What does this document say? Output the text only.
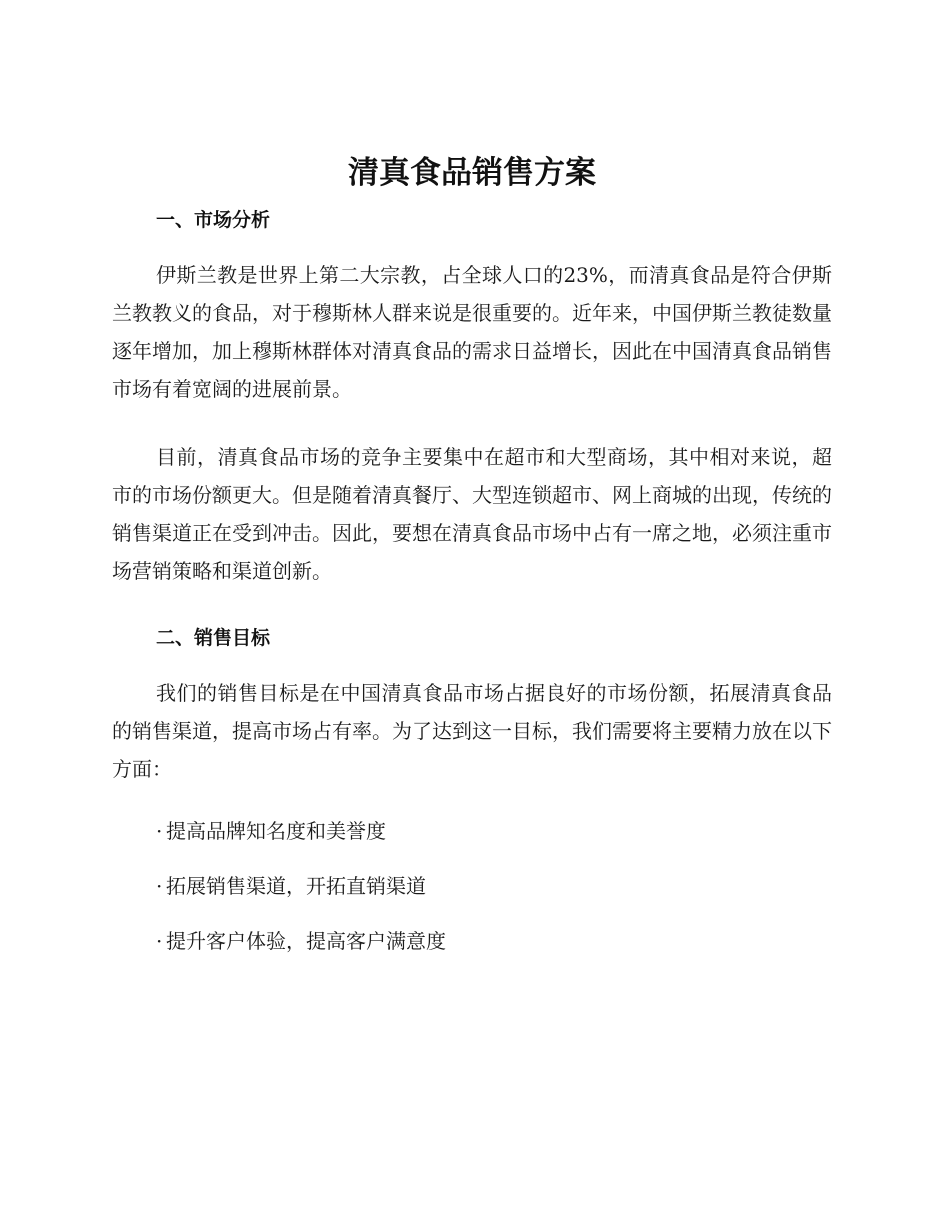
清真食品销售方案
一、市场分析

伊斯兰教是世界上第二大宗教，占全球人口的23%，而清真食品是符合伊斯兰教教义的食品，对于穆斯林人群来说是很重要的。近年来，中国伊斯兰教徒数量逐年增加，加上穆斯林群体对清真食品的需求日益增长，因此在中国清真食品销售市场有着宽阔的进展前景。

目前，清真食品市场的竞争主要集中在超市和大型商场，其中相对来说，超市的市场份额更大。但是随着清真餐厅、大型连锁超市、网上商城的出现，传统的销售渠道正在受到冲击。因此，要想在清真食品市场中占有一席之地，必须注重市场营销策略和渠道创新。

二、销售目标

我们的销售目标是在中国清真食品市场占据良好的市场份额，拓展清真食品的销售渠道，提高市场占有率。为了达到这一目标，我们需要将主要精力放在以下方面：

· 提高品牌知名度和美誉度
· 拓展销售渠道，开拓直销渠道
· 提升客户体验，提高客户满意度
